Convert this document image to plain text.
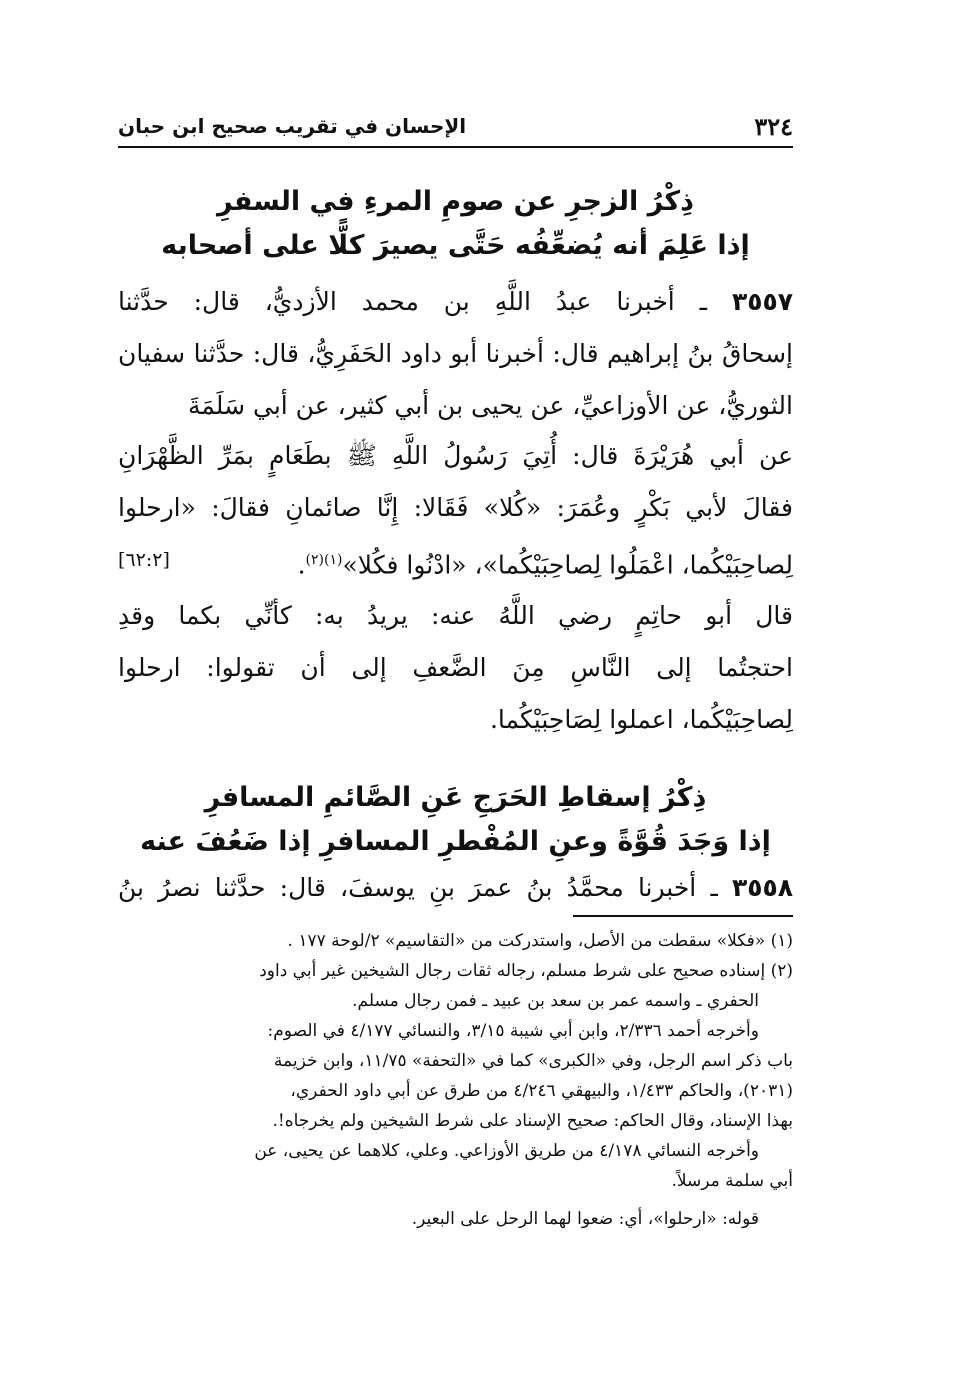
٣٢٤
الإحسان في تقريب صحيح ابن حبان
ذِكْرُ الزجرِ عن صومِ المرءِ في السفرِ
إذا عَلِمَ أنه يُضعِّفُه حَتَّى يصيرَ كلًّا على أصحابه
٣٥٥٧ ـ أخبرنا عبدُ اللَّهِ بن محمد الأزديُّ، قال: حدَّثنا
إسحاقُ بنُ إبراهيم قال: أخبرنا أبو داود الحَفَرِيُّ، قال: حدَّثنا سفيان
الثوريُّ، عن الأوزاعيِّ، عن يحيى بن أبي كثير، عن أبي سَلَمَةَ
عن أبي هُرَيْرَةَ قال: أُتِيَ رَسُولُ اللَّهِ ﷺ بطَعَامٍ بمَرِّ الظَّهْرَانِ
فقالَ لأبي بَكْرٍ وعُمَرَ: «كُلا» فَقَالا: إِنَّا صائمانِ فقالَ: «ارحلوا
لِصاحِبَيْكُما، اعْمَلُوا لِصاحِبَيْكُما»، «ادْنُوا فكُلا»$^{(١)(٢)}$.
[٦٢:٢]
قال أبو حاتِمٍ رضي اللَّهُ عنه: يريدُ به: كأنِّي بكما وقدِ
احتجتُما إلى النَّاسِ مِنَ الضَّعفِ إلى أن تقولوا: ارحلوا
لِصاحِبَيْكُما، اعملوا لِصَاحِبَيْكُما.
ذِكْرُ إسقاطِ الحَرَجِ عَنِ الصَّائمِ المسافرِ
إذا وَجَدَ قُوَّةً وعنِ المُفْطرِ المسافرِ إذا ضَعُفَ عنه
٣٥٥٨ ـ أخبرنا محمَّدُ بنُ عمرَ بنِ يوسفَ، قال: حدَّثنا نصرُ بنُ
(١) «فكلا» سقطت من الأصل، واستدركت من «التقاسيم» ٢/لوحة ١٧٧ .
(٢) إسناده صحيح على شرط مسلم، رجاله ثقات رجال الشيخين غير أبي داود
الحفري ـ واسمه عمر بن سعد بن عبيد ـ فمن رجال مسلم.
وأخرجه أحمد ٢/٣٣٦، وابن أبي شيبة ٣/١٥، والنسائي ٤/١٧٧ في الصوم:
باب ذكر اسم الرجل، وفي «الكبرى» كما في «التحفة» ١١/٧٥، وابن خزيمة
(٢٠٣١)، والحاكم ١/٤٣٣، والبيهقي ٤/٢٤٦ من طرق عن أبي داود الحفري،
بهذا الإسناد، وقال الحاكم: صحيح الإسناد على شرط الشيخين ولم يخرجاه!.
وأخرجه النسائي ٤/١٧٨ من طريق الأوزاعي. وعلي، كلاهما عن يحيى، عن
أبي سلمة مرسلاً.
قوله: «ارحلوا»، أي: ضعوا لهما الرحل على البعير.
